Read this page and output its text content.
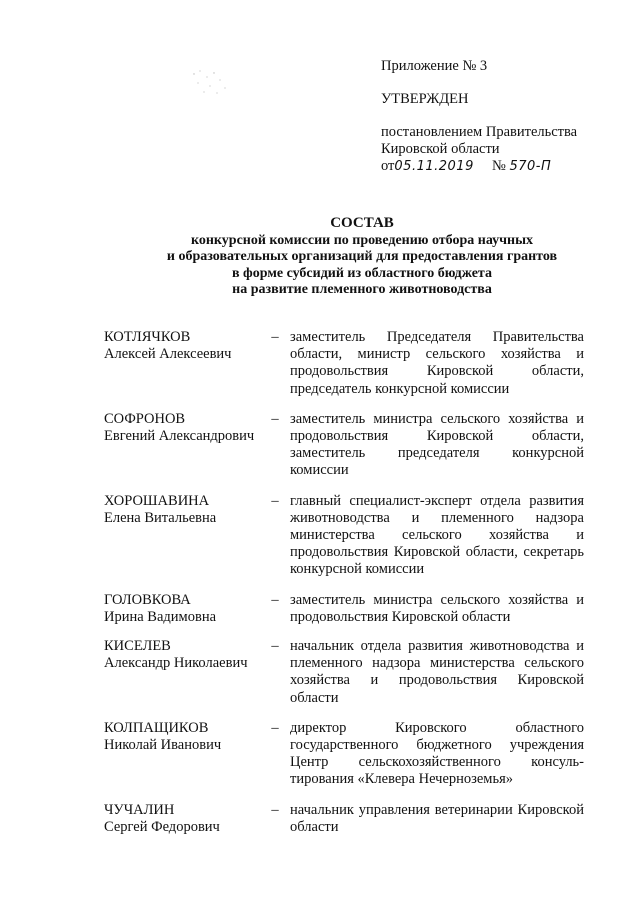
Приложение № 3
УТВЕРЖДЕН
постановлением Правительства
Кировской области
от05.11.2019 № 570-П
СОСТАВ
конкурсной комиссии по проведению отбора научных
и образовательных организаций для предоставления грантов
в форме субсидий из областного бюджета
на развитие племенного животноводства
КОТЛЯЧКОВ
Алексей Алексеевич
– заместитель Председателя Правительства области, министр сельского хозяйства и продовольствия Кировской области, председатель конкурсной комиссии
СОФРОНОВ
Евгений Александрович
– заместитель министра сельского хозяйства и продовольствия Кировской области, заместитель председателя конкурсной комиссии
ХОРОШАВИНА
Елена Витальевна
– главный специалист-эксперт отдела развития животноводства и племенного надзора министерства сельского хозяйства и продовольствия Кировской области, секретарь конкурсной комиссии
ГОЛОВКОВА
Ирина Вадимовна
– заместитель министра сельского хозяйства и продовольствия Кировской области
КИСЕЛЕВ
Александр Николаевич
– начальник отдела развития животноводства и племенного надзора министерства сельского хозяйства и продовольствия Кировской области
КОЛПАЩИКОВ
Николай Иванович
– директор Кировского областного государственного бюджетного учреждения Центр сельскохозяйственного консуль-тирования «Клевера Нечерноземья»
ЧУЧАЛИН
Сергей Федорович
– начальник управления ветеринарии Кировской области
